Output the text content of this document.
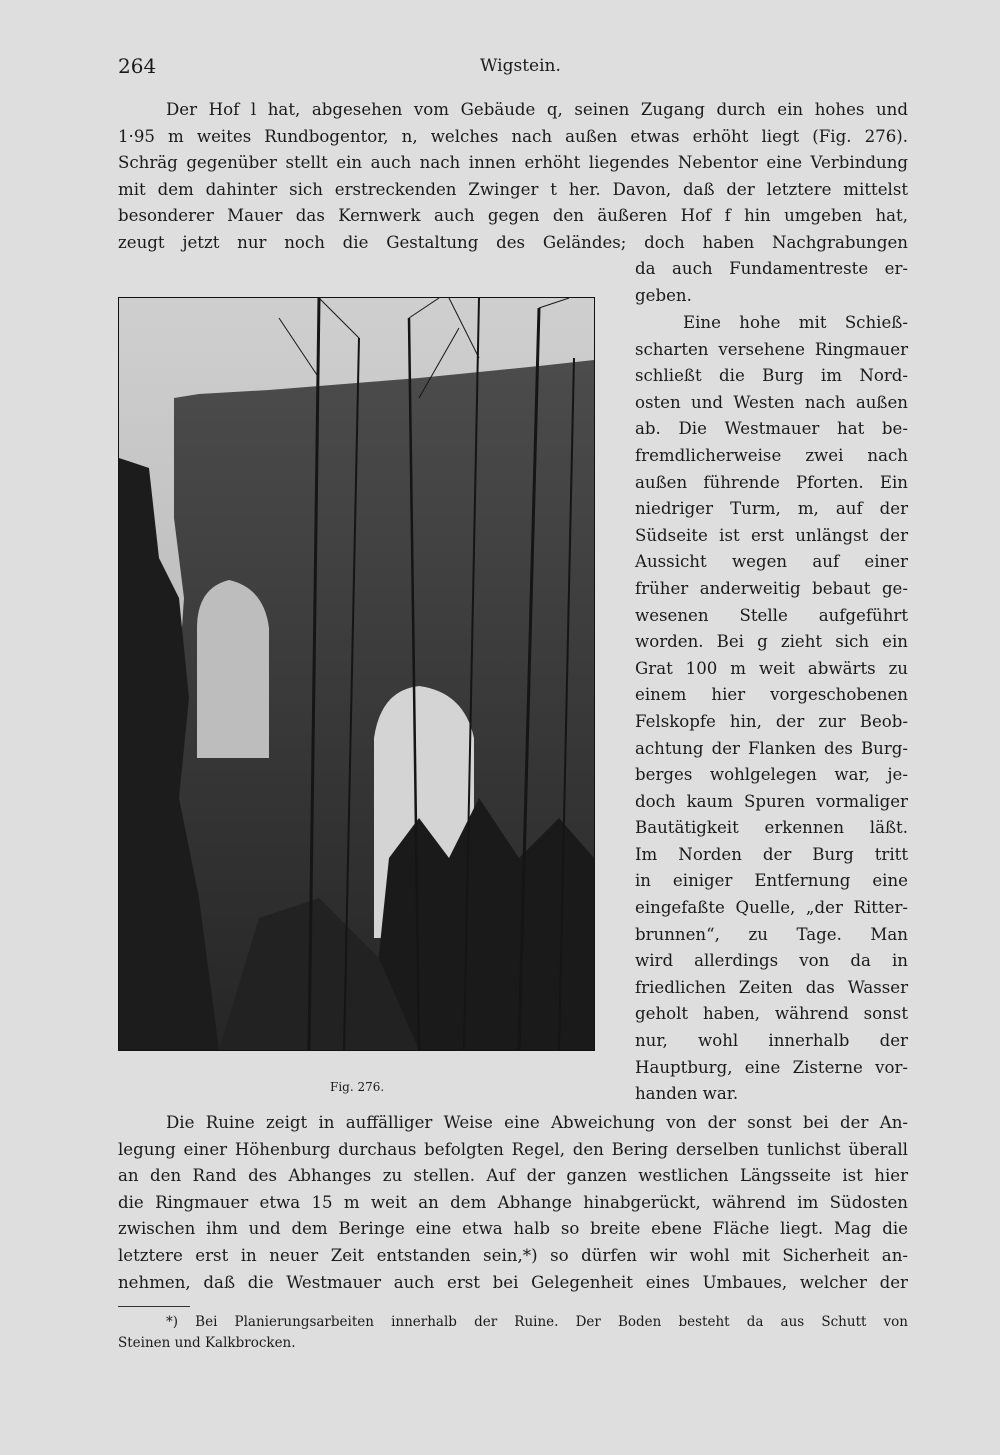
264	Wigstein.
Der Hof l hat, abgesehen vom Gebäude q, seinen Zugang durch ein hohes und
1·95 m weites Rundbogentor, n, welches nach außen etwas erhöht liegt (Fig. 276).
Schräg gegenüber stellt ein auch nach innen erhöht liegendes Nebentor eine Verbindung
mit dem dahinter sich erstreckenden Zwinger t her. Davon, daß der letztere mittelst
besonderer Mauer das Kernwerk auch gegen den äußeren Hof f hin umgeben hat,
zeugt jetzt nur noch die Gestaltung des Geländes; doch haben Nachgrabungen
da auch Fundamentreste er-
geben.
Eine hohe mit Schieß-
scharten versehene Ringmauer
schließt die Burg im Nord-
osten und Westen nach außen
ab. Die Westmauer hat be-
fremdlicherweise zwei nach
außen führende Pforten. Ein
niedriger Turm, m, auf der
Südseite ist erst unlängst der
Aussicht wegen auf einer
früher anderweitig bebaut ge-
wesenen Stelle aufgeführt
worden. Bei g zieht sich ein
Grat 100 m weit abwärts zu
einem hier vorgeschobenen
Felskopfe hin, der zur Beob-
achtung der Flanken des Burg-
berges wohlgelegen war, je-
doch kaum Spuren vormaliger
Bautätigkeit erkennen läßt.
Im Norden der Burg tritt
in einiger Entfernung eine
eingefaßte Quelle, „der Ritter-
brunnen“, zu Tage. Man
wird allerdings von da in
friedlichen Zeiten das Wasser
geholt haben, während sonst
nur, wohl innerhalb der
Hauptburg, eine Zisterne vor-
handen war.
Fig. 276.
Die Ruine zeigt in auffälliger Weise eine Abweichung von der sonst bei der An-
legung einer Höhenburg durchaus befolgten Regel, den Bering derselben tunlichst überall
an den Rand des Abhanges zu stellen. Auf der ganzen westlichen Längsseite ist hier
die Ringmauer etwa 15 m weit an dem Abhange hinabgerückt, während im Südosten
zwischen ihm und dem Beringe eine etwa halb so breite ebene Fläche liegt. Mag die
letztere erst in neuer Zeit entstanden sein,*) so dürfen wir wohl mit Sicherheit an-
nehmen, daß die Westmauer auch erst bei Gelegenheit eines Umbaues, welcher der
*) Bei Planierungsarbeiten innerhalb der Ruine. Der Boden besteht da aus Schutt von
Steinen und Kalkbrocken.
